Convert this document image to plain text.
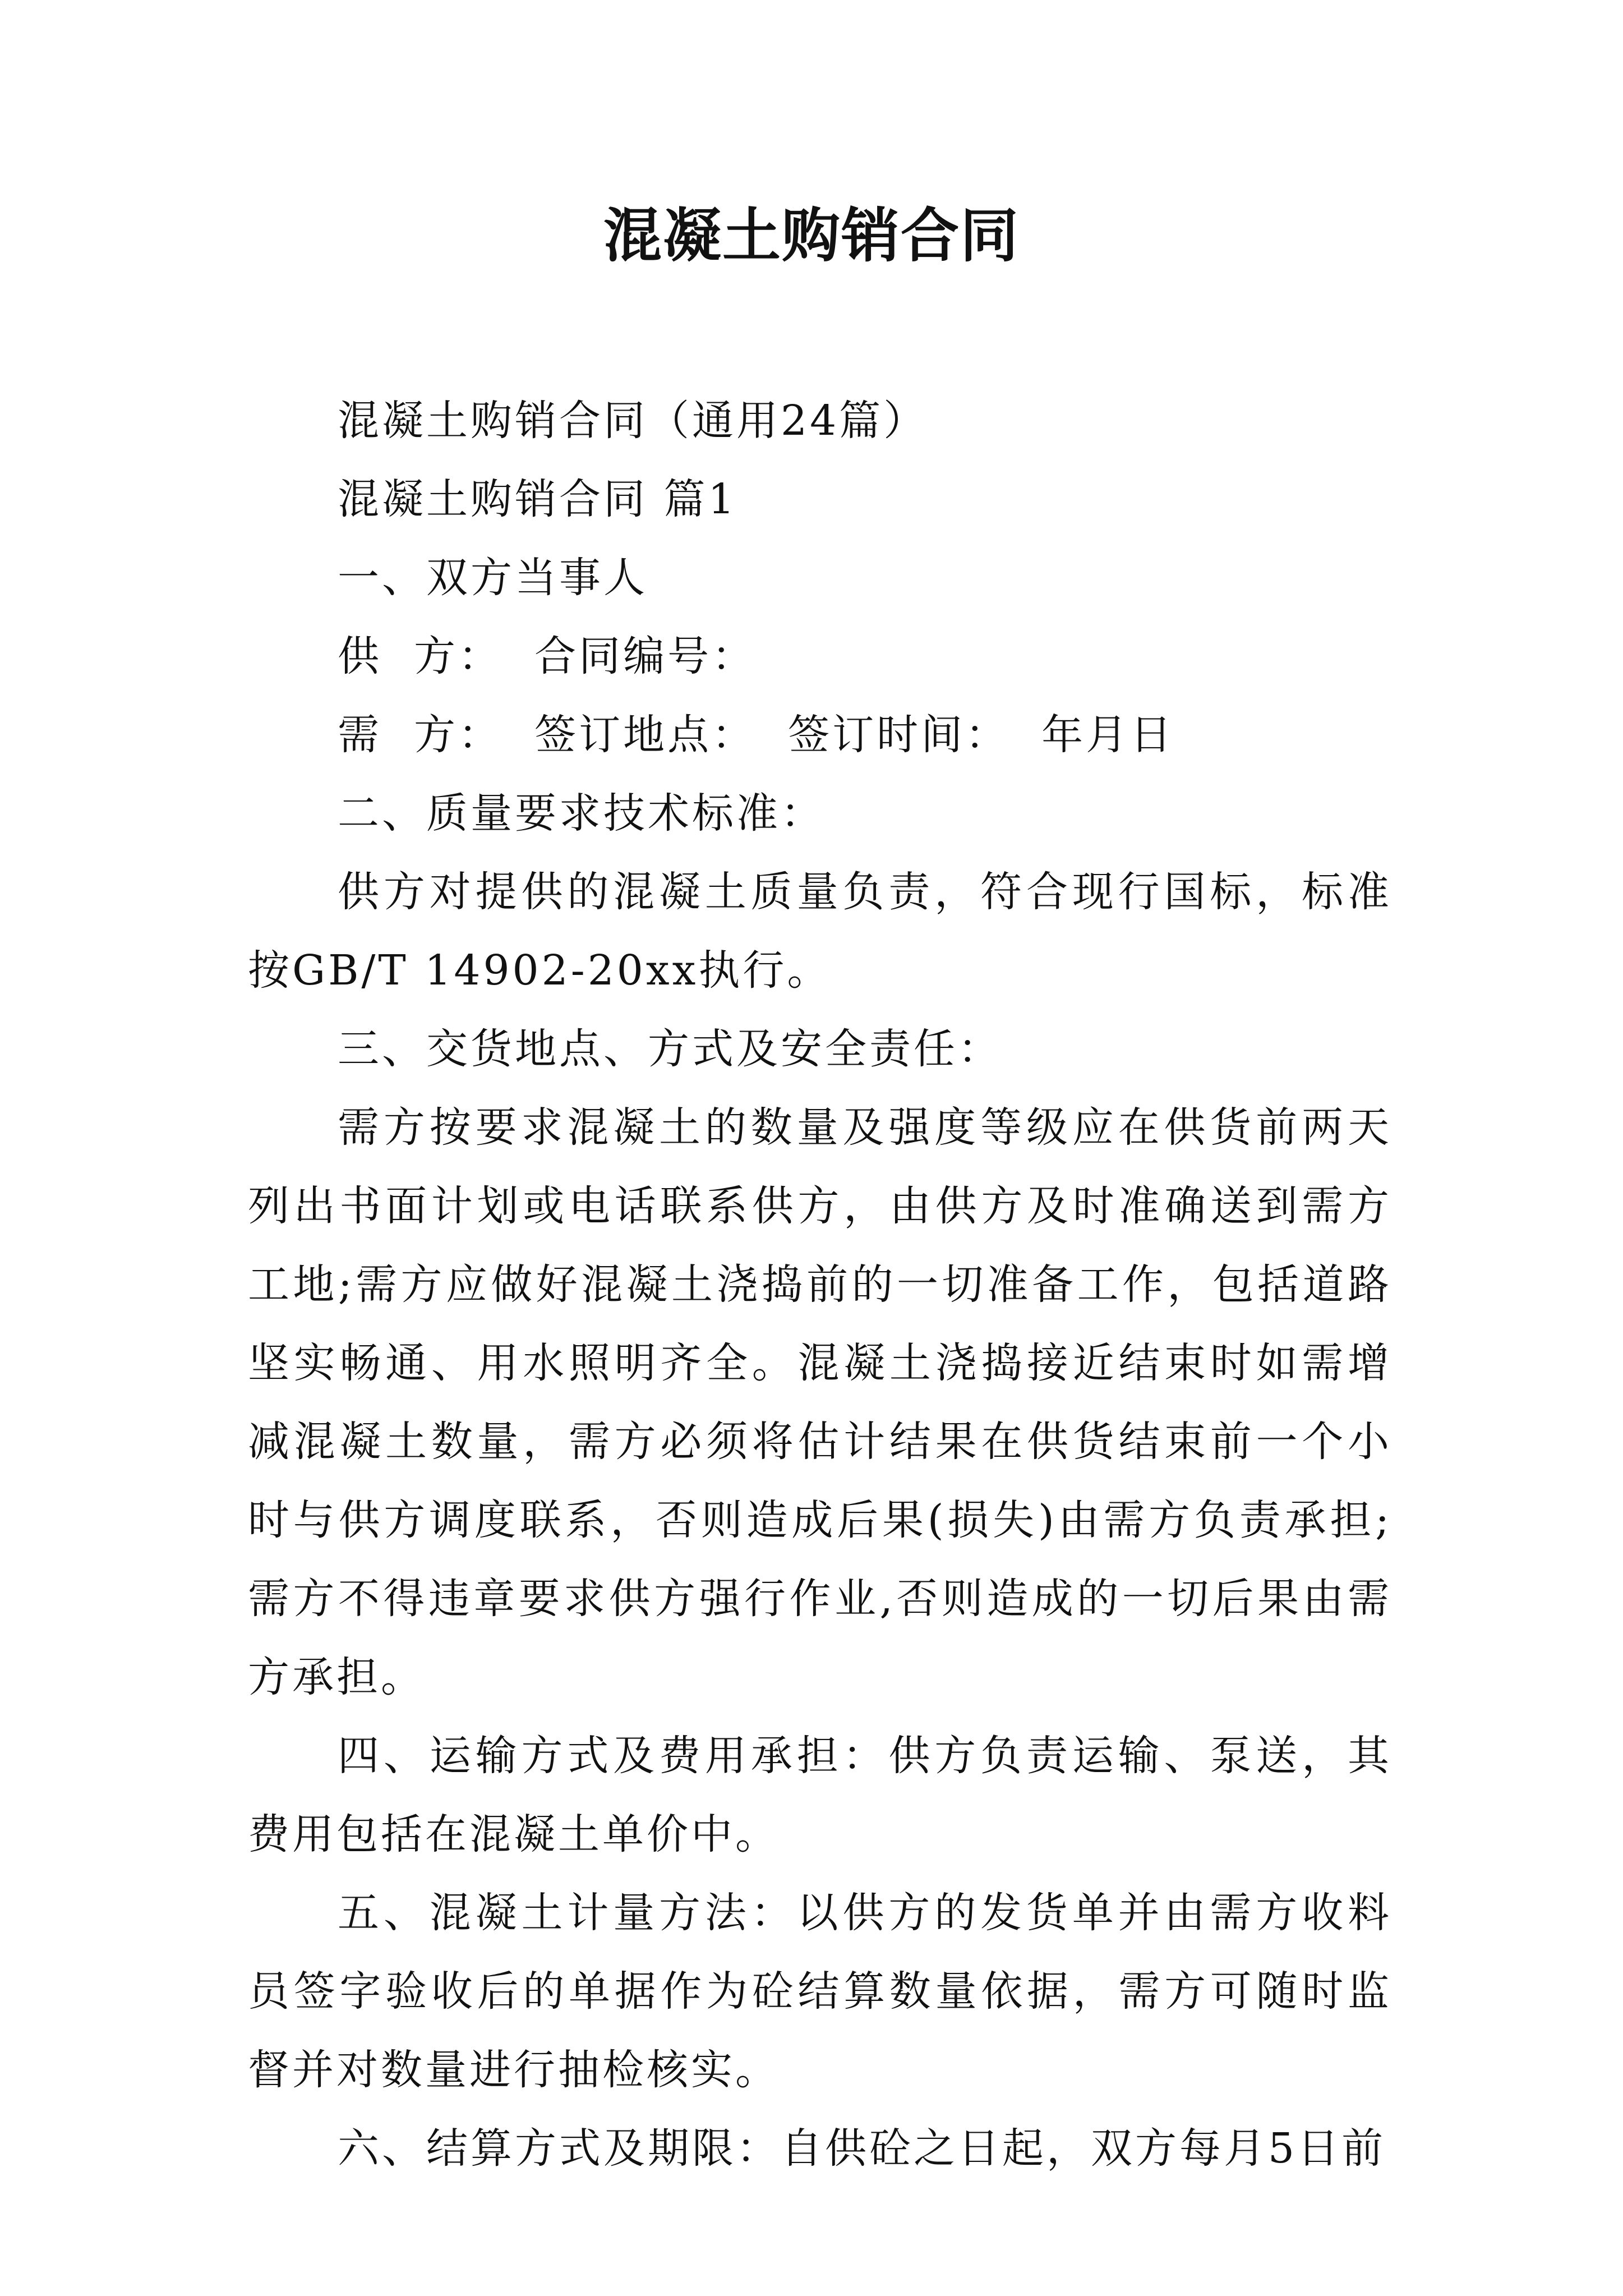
混凝土购销合同

混凝土购销合同（通用24篇）

混凝土购销合同 篇1

一、双方当事人

供  方：  合同编号：

需  方：  签订地点：  签订时间：  年月日

二、质量要求技术标准：

供方对提供的混凝土质量负责，符合现行国标，标准按GB/T 14902-20xx执行。

三、交货地点、方式及安全责任：

需方按要求混凝土的数量及强度等级应在供货前两天列出书面计划或电话联系供方，由供方及时准确送到需方工地;需方应做好混凝土浇捣前的一切准备工作，包括道路坚实畅通、用水照明齐全。混凝土浇捣接近结束时如需增减混凝土数量，需方必须将估计结果在供货结束前一个小时与供方调度联系，否则造成后果(损失)由需方负责承担;需方不得违章要求供方强行作业,否则造成的一切后果由需方承担。

四、运输方式及费用承担：供方负责运输、泵送，其费用包括在混凝土单价中。

五、混凝土计量方法：以供方的发货单并由需方收料员签字验收后的单据作为砼结算数量依据，需方可随时监督并对数量进行抽检核实。

六、结算方式及期限：自供砼之日起，双方每月5日前
